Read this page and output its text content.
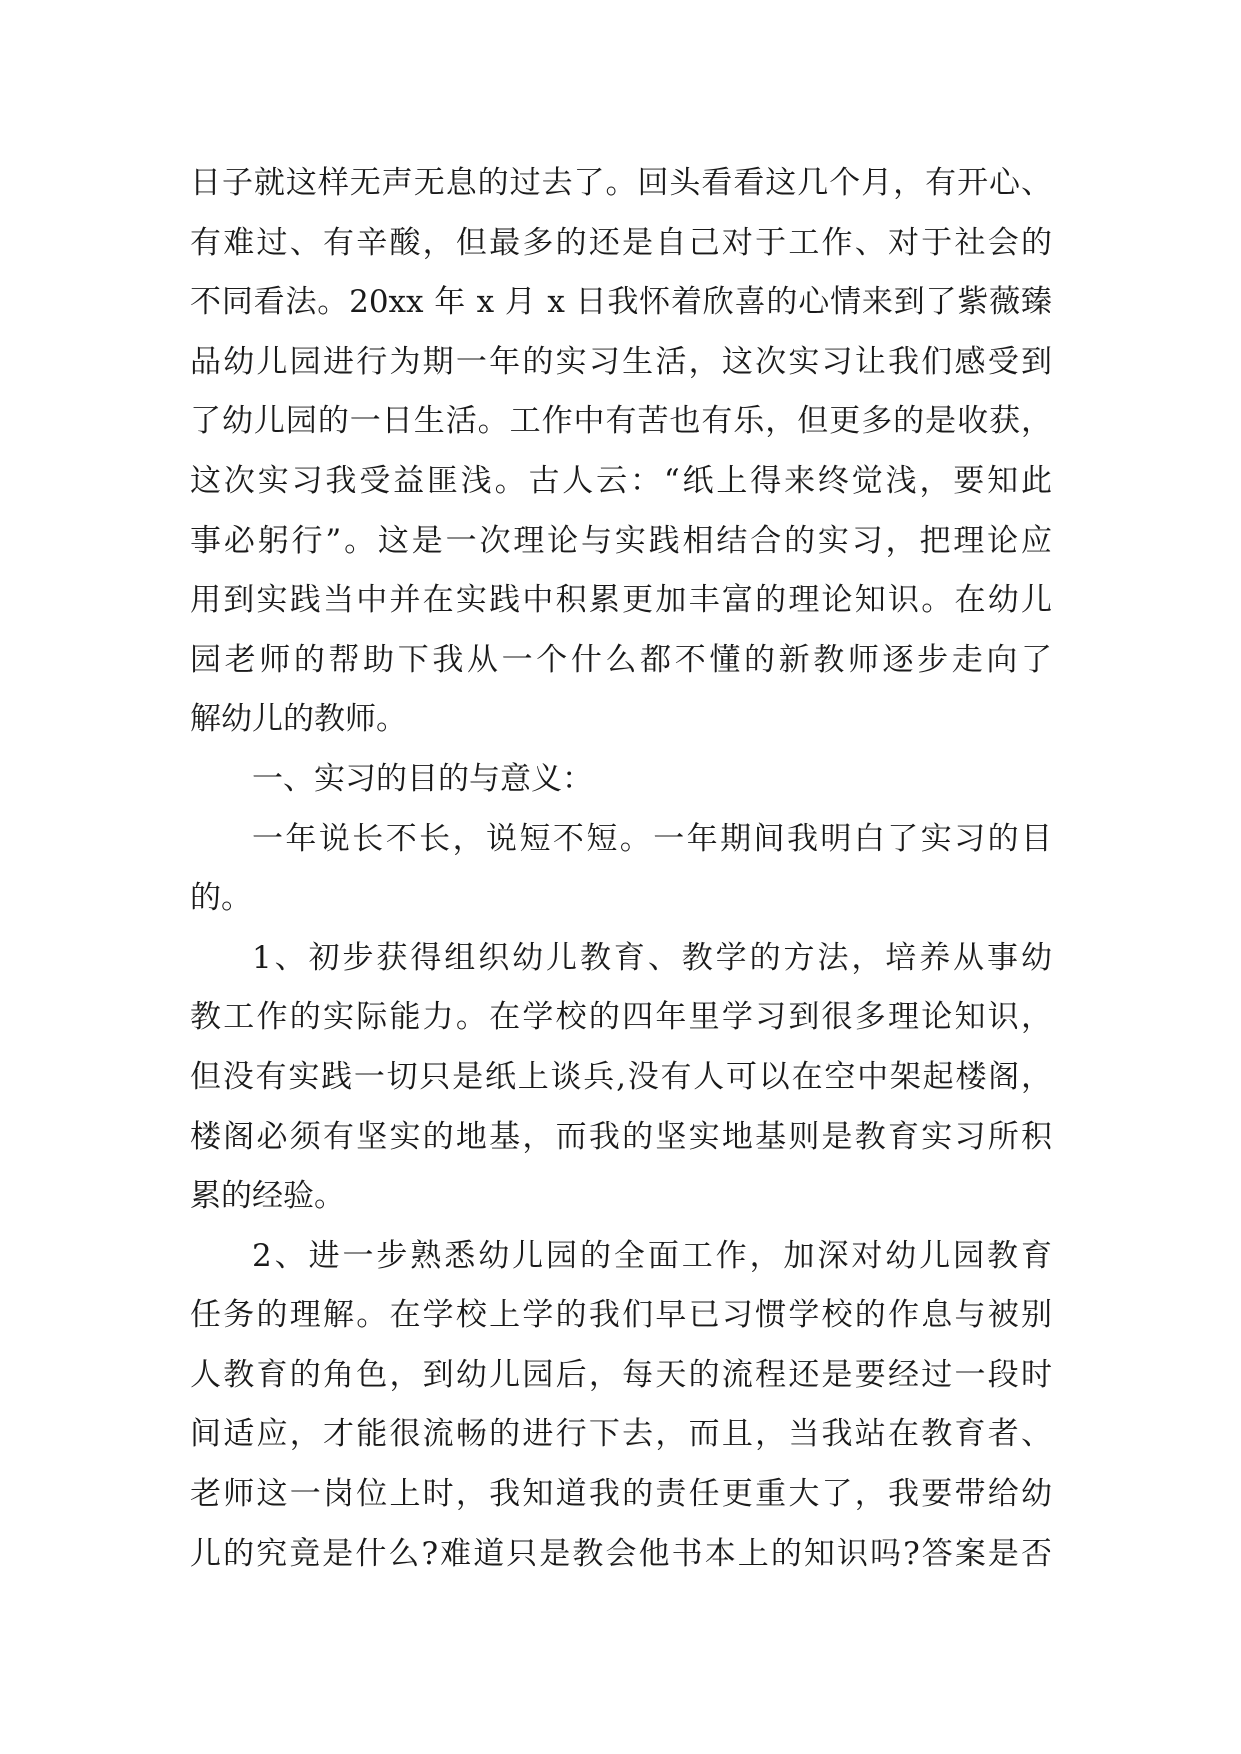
日子就这样无声无息的过去了。回头看看这几个月，有开心、
有难过、有辛酸，但最多的还是自己对于工作、对于社会的
不同看法。20xx 年 x 月 x 日我怀着欣喜的心情来到了紫薇臻
品幼儿园进行为期一年的实习生活，这次实习让我们感受到
了幼儿园的一日生活。工作中有苦也有乐，但更多的是收获，
这次实习我受益匪浅。古人云：“纸上得来终觉浅，要知此
事必躬行”。这是一次理论与实践相结合的实习，把理论应
用到实践当中并在实践中积累更加丰富的理论知识。在幼儿
园老师的帮助下我从一个什么都不懂的新教师逐步走向了
解幼儿的教师。
一、实习的目的与意义：
一年说长不长，说短不短。一年期间我明白了实习的目
的。
1、初步获得组织幼儿教育、教学的方法，培养从事幼
教工作的实际能力。在学校的四年里学习到很多理论知识，
但没有实践一切只是纸上谈兵,没有人可以在空中架起楼阁，
楼阁必须有坚实的地基，而我的坚实地基则是教育实习所积
累的经验。
2、进一步熟悉幼儿园的全面工作，加深对幼儿园教育
任务的理解。在学校上学的我们早已习惯学校的作息与被别
人教育的角色，到幼儿园后，每天的流程还是要经过一段时
间适应，才能很流畅的进行下去，而且，当我站在教育者、
老师这一岗位上时，我知道我的责任更重大了，我要带给幼
儿的究竟是什么?难道只是教会他书本上的知识吗?答案是否
